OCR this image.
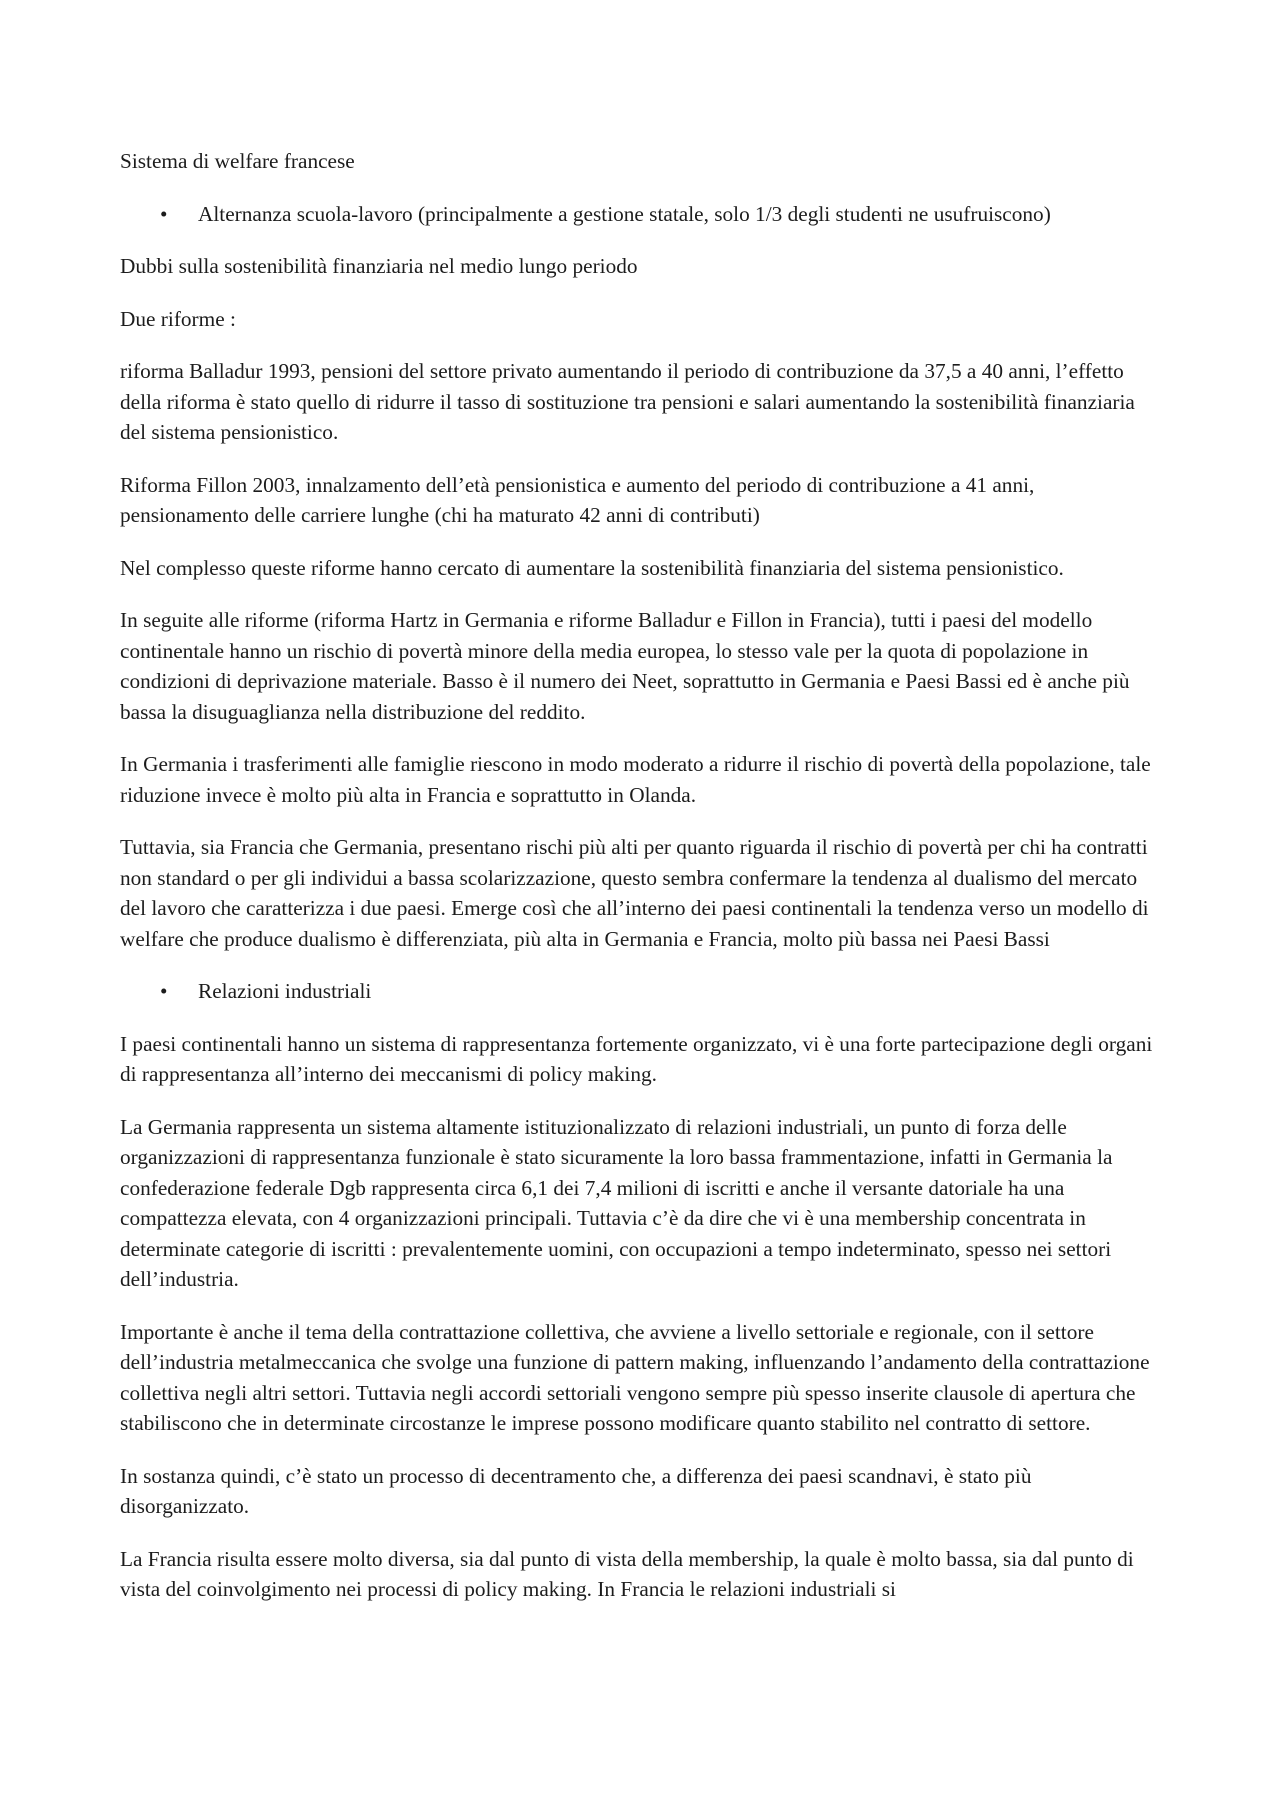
Sistema di welfare francese

• Alternanza scuola-lavoro (principalmente a gestione statale, solo 1/3 degli studenti ne usufruiscono)

Dubbi sulla sostenibilità finanziaria nel medio lungo periodo

Due riforme :

riforma Balladur 1993, pensioni del settore privato aumentando il periodo di contribuzione da 37,5 a 40 anni, l’effetto della riforma è stato quello di ridurre il tasso di sostituzione tra pensioni e salari aumentando la sostenibilità finanziaria del sistema pensionistico.

Riforma Fillon 2003, innalzamento dell’età pensionistica e aumento del periodo di contribuzione a 41 anni, pensionamento delle carriere lunghe (chi ha maturato 42 anni di contributi)

Nel complesso queste riforme hanno cercato di aumentare la sostenibilità finanziaria del sistema pensionistico.

In seguite alle riforme (riforma Hartz in Germania e riforme Balladur e Fillon in Francia), tutti i paesi del modello continentale hanno un rischio di povertà minore della media europea, lo stesso vale per la quota di popolazione in condizioni di deprivazione materiale. Basso è il numero dei Neet, soprattutto in Germania e Paesi Bassi ed è anche più bassa la disuguaglianza nella distribuzione del reddito.

In Germania i trasferimenti alle famiglie riescono in modo moderato a ridurre il rischio di povertà della popolazione, tale riduzione invece è molto più alta in Francia e soprattutto in Olanda.

Tuttavia, sia Francia che Germania, presentano rischi più alti per quanto riguarda il rischio di povertà per chi ha contratti non standard o per gli individui a bassa scolarizzazione, questo sembra confermare la tendenza al dualismo del mercato del lavoro che caratterizza i due paesi. Emerge così che all’interno dei paesi continentali la tendenza verso un modello di welfare che produce dualismo è differenziata, più alta in Germania e Francia, molto più bassa nei Paesi Bassi

• Relazioni industriali

I paesi continentali hanno un sistema di rappresentanza fortemente organizzato, vi è una forte partecipazione degli organi di rappresentanza all’interno dei meccanismi di policy making.

La Germania rappresenta un sistema altamente istituzionalizzato di relazioni industriali, un punto di forza delle organizzazioni di rappresentanza funzionale è stato sicuramente la loro bassa frammentazione, infatti in Germania la confederazione federale Dgb rappresenta circa 6,1 dei 7,4 milioni di iscritti e anche il versante datoriale ha una compattezza elevata, con 4 organizzazioni principali. Tuttavia c’è da dire che vi è una membership concentrata in determinate categorie di iscritti : prevalentemente uomini, con occupazioni a tempo indeterminato, spesso nei settori dell’industria.

Importante è anche il tema della contrattazione collettiva, che avviene a livello settoriale e regionale, con il settore dell’industria metalmeccanica che svolge una funzione di pattern making, influenzando l’andamento della contrattazione collettiva negli altri settori. Tuttavia negli accordi settoriali vengono sempre più spesso inserite clausole di apertura che stabiliscono che in determinate circostanze le imprese possono modificare quanto stabilito nel contratto di settore.

In sostanza quindi, c’è stato un processo di decentramento che, a differenza dei paesi scandnavi, è stato più disorganizzato.

La Francia risulta essere molto diversa, sia dal punto di vista della membership, la quale è molto bassa, sia dal punto di vista del coinvolgimento nei processi di policy making. In Francia le relazioni industriali si
